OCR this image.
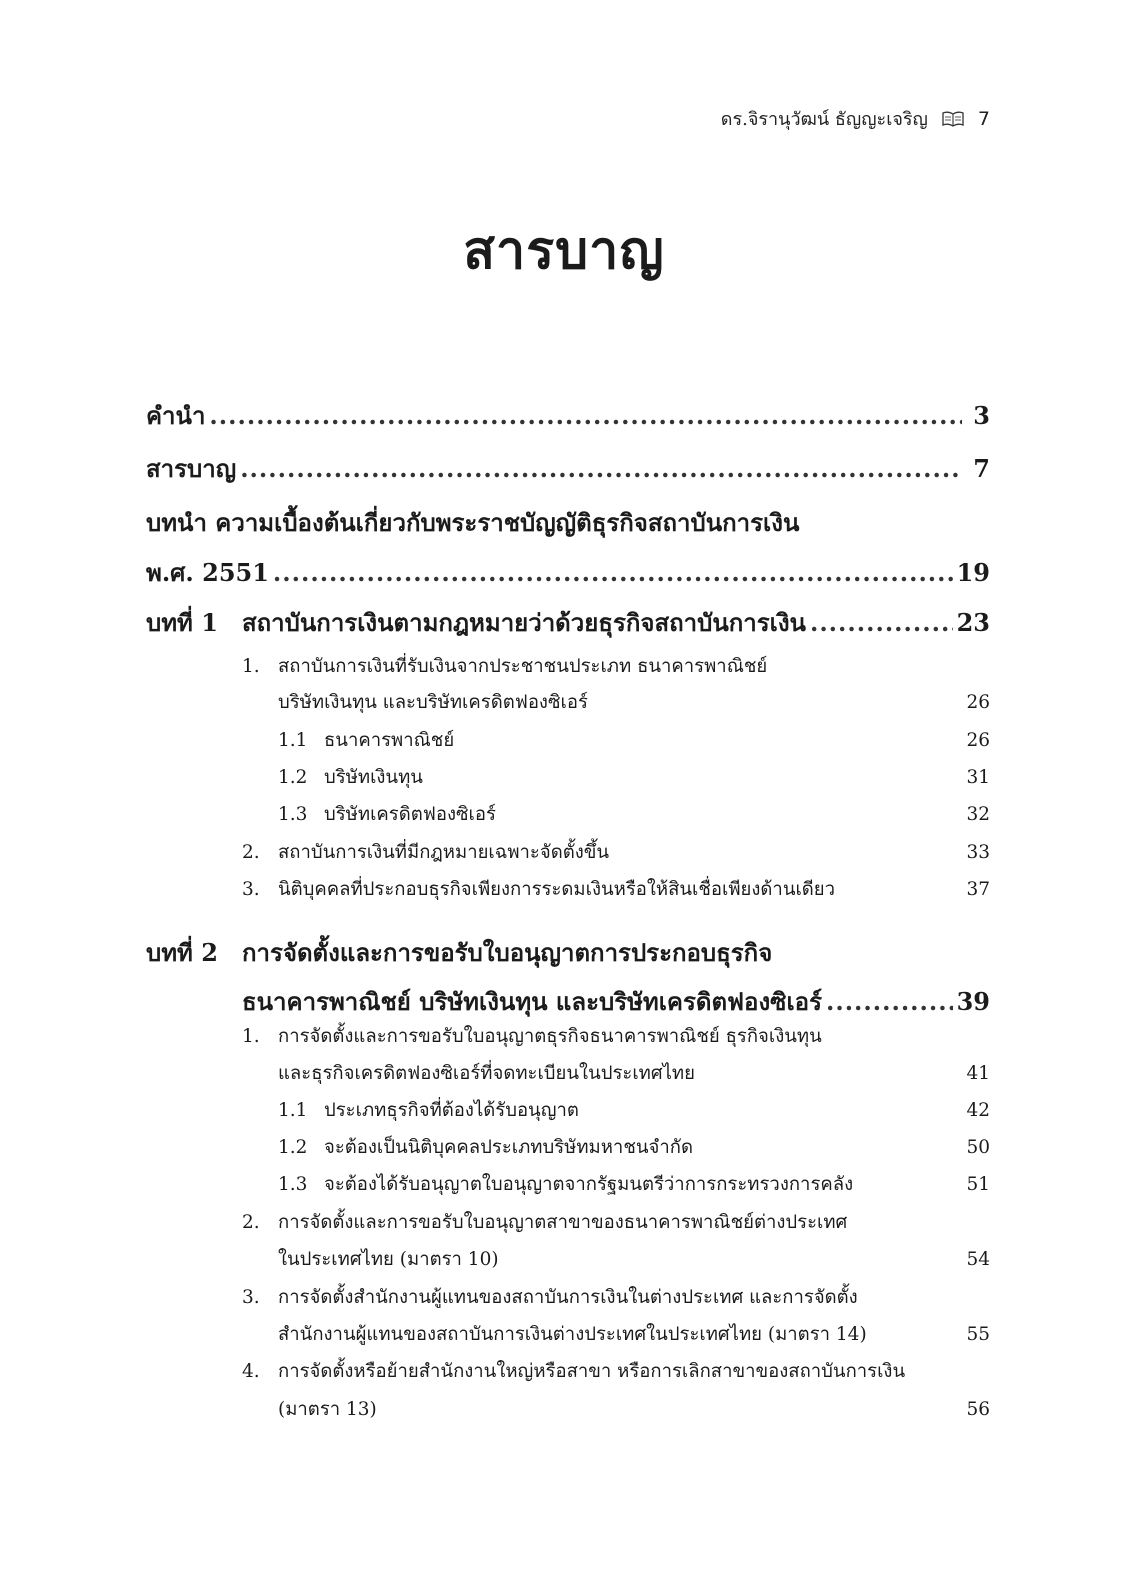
ดร.จิรานุวัฒน์ ธัญญะเจริญ	7
สารบาญ
คำนำ .....	3
สารบาญ .....	7
บทนำ ความเบื้องต้นเกี่ยวกับพระราชบัญญัติธุรกิจสถาบันการเงิน
พ.ศ. 2551 .....	19
บทที่ 1	สถาบันการเงินตามกฎหมายว่าด้วยธุรกิจสถาบันการเงิน .....	23
1. สถาบันการเงินที่รับเงินจากประชาชนประเภท ธนาคารพาณิชย์
บริษัทเงินทุน และบริษัทเครดิตฟองซิเอร์	26
1.1 ธนาคารพาณิชย์	26
1.2 บริษัทเงินทุน	31
1.3 บริษัทเครดิตฟองซิเอร์	32
2. สถาบันการเงินที่มีกฎหมายเฉพาะจัดตั้งขึ้น	33
3. นิติบุคคลที่ประกอบธุรกิจเพียงการระดมเงินหรือให้สินเชื่อเพียงด้านเดียว	37
บทที่ 2	การจัดตั้งและการขอรับใบอนุญาตการประกอบธุรกิจ
ธนาคารพาณิชย์ บริษัทเงินทุน และบริษัทเครดิตฟองซิเอร์ .....	39
1. การจัดตั้งและการขอรับใบอนุญาตธุรกิจธนาคารพาณิชย์ ธุรกิจเงินทุน
และธุรกิจเครดิตฟองซิเอร์ที่จดทะเบียนในประเทศไทย	41
1.1 ประเภทธุรกิจที่ต้องได้รับอนุญาต	42
1.2 จะต้องเป็นนิติบุคคลประเภทบริษัทมหาชนจำกัด	50
1.3 จะต้องได้รับอนุญาตใบอนุญาตจากรัฐมนตรีว่าการกระทรวงการคลัง	51
2. การจัดตั้งและการขอรับใบอนุญาตสาขาของธนาคารพาณิชย์ต่างประเทศ
ในประเทศไทย (มาตรา 10)	54
3. การจัดตั้งสำนักงานผู้แทนของสถาบันการเงินในต่างประเทศ และการจัดตั้ง
สำนักงานผู้แทนของสถาบันการเงินต่างประเทศในประเทศไทย (มาตรา 14)	55
4. การจัดตั้งหรือย้ายสำนักงานใหญ่หรือสาขา หรือการเลิกสาขาของสถาบันการเงิน
(มาตรา 13)	56
